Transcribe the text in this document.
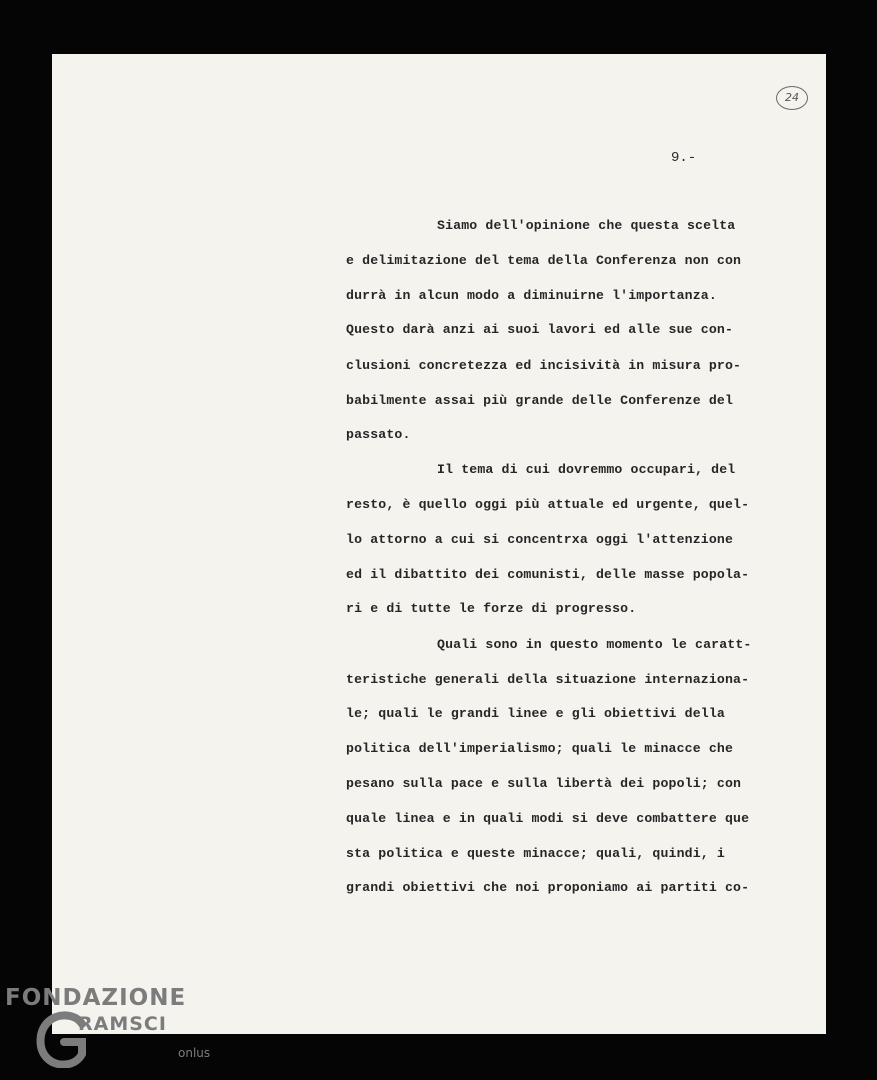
24
9.-

Siamo dell'opinione che questa scelta

e delimitazione del tema della Conferenza non con

durrà in alcun modo a diminuirne l'importanza.

Questo darà anzi ai suoi lavori ed alle sue con-

clusioni concretezza ed incisività in misura pro-

babilmente assai più grande delle Conferenze del

passato.

Il tema di cui dovremmo occupari, del

resto, è quello oggi più attuale ed urgente, quel-

lo attorno a cui si concentrxa oggi l'attenzione

ed il dibattito dei comunisti, delle masse popola-

ri e di tutte le forze di progresso.

Quali sono in questo momento le caratt-

teristiche generali della situazione internaziona-

le; quali le grandi linee e gli obiettivi della

politica dell'imperialismo; quali le minacce che

pesano sulla pace e sulla libertà dei popoli; con

quale linea e in quali modi si deve combattere que

sta politica e queste minacce; quali, quindi, i

grandi obiettivi che noi proponiamo ai partiti co-

FONDAZIONE
RAMSCI
onlus
